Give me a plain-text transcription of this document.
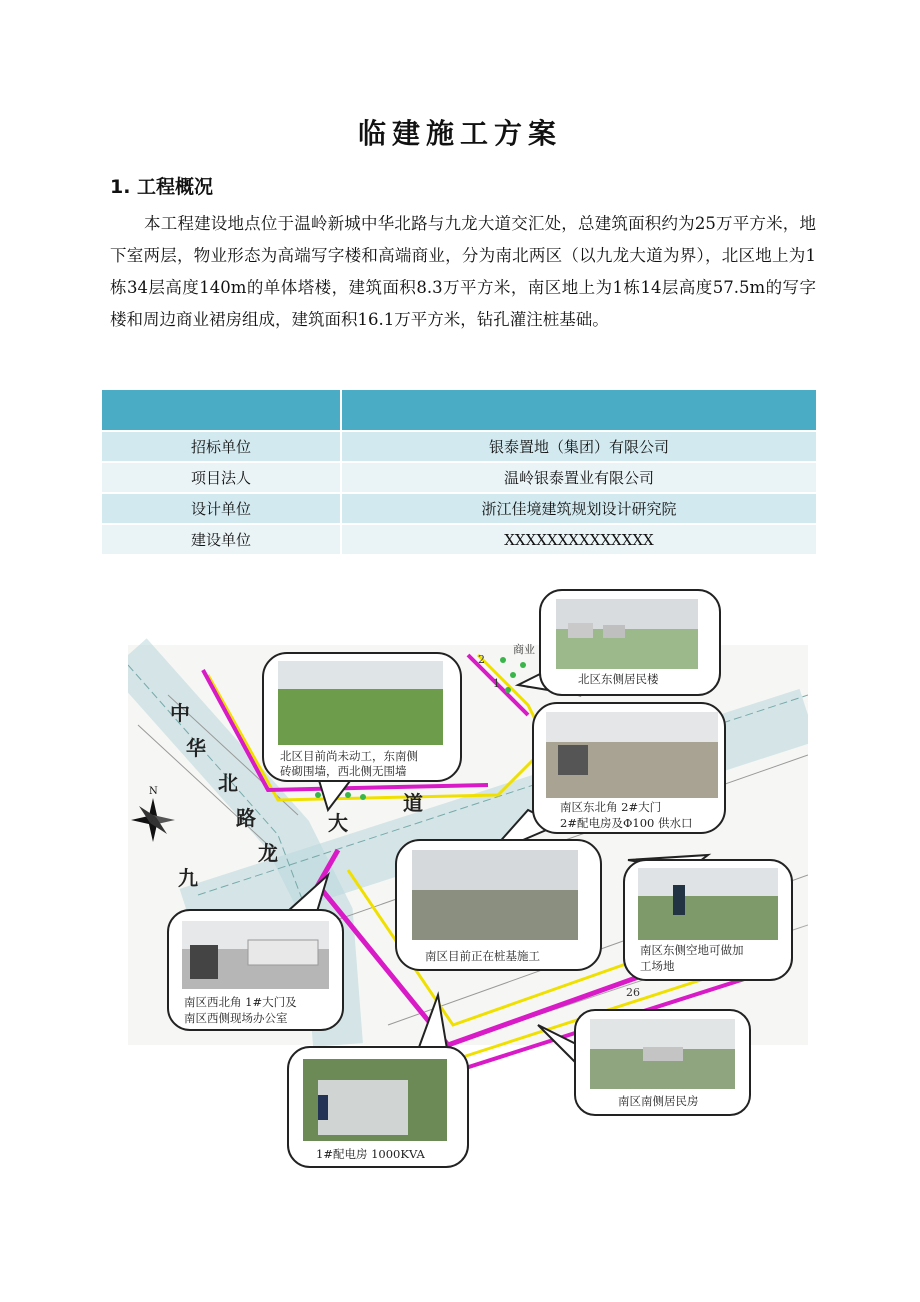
临建施工方案
1. 工程概况

本工程建设地点位于温岭新城中华北路与九龙大道交汇处，总建筑面积约为25万平方米，地下室两层，物业形态为高端写字楼和高端商业，分为南北两区（以九龙大道为界），北区地上为1栋34层高度140m的单体塔楼，建筑面积8.3万平方米，南区地上为1栋14层高度57.5m的写字楼和周边商业裙房组成，建筑面积16.1万平方米，钻孔灌注桩基础。

招标单位	银泰置地（集团）有限公司
项目法人	温岭银泰置业有限公司
设计单位	浙江佳境建筑规划设计研究院
建设单位	XXXXXXXXXXXXXX
中
华
北
路
九
龙
大
道
2
1
商业
26
N
北区东侧居民楼
北区目前尚未动工，东南侧
砖砌围墙，西北侧无围墙
南区东北角 2#大门
2#配电房及Φ100 供水口
南区目前正在桩基施工	南区东侧空地可做加
工场地
南区西北角 1#大门及
南区西侧现场办公室
1#配电房 1000KVA
南区南侧居民房
